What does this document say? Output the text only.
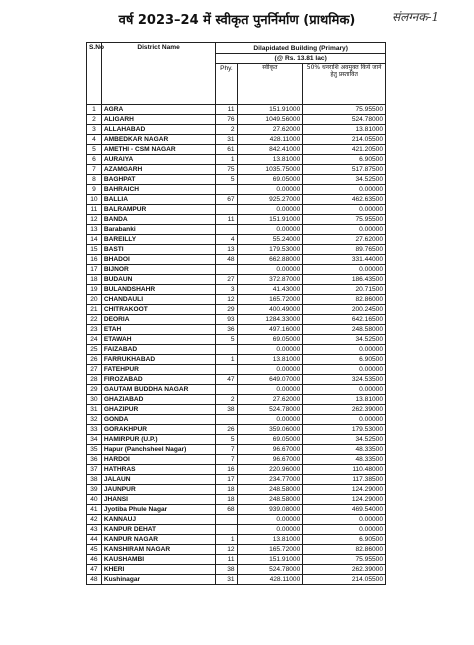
वर्ष 2023–24 में स्वीकृत पुनर्निर्माण (प्राथमिक)	संलग्नक-1
S.No	District Name	Dilapidated Building (Primary)		
		(@ Rs. 13.81 lac)		
		Phy.	स्वीकृत	50% धनराशि अवमुक्त किये जाने हेतु प्रस्तावित
1	AGRA	11	151.91000	75.95500
2	ALIGARH	76	1049.56000	524.78000
3	ALLAHABAD	2	27.62000	13.81000
4	AMBEDKAR NAGAR	31	428.11000	214.05500
5	AMETHI - CSM NAGAR	61	842.41000	421.20500
6	AURAIYA	1	13.81000	6.90500
7	AZAMGARH	75	1035.75000	517.87500
8	BAGHPAT	5	69.05000	34.52500
9	BAHRAICH		0.00000	0.00000
10	BALLIA	67	925.27000	462.63500
11	BALRAMPUR		0.00000	0.00000
12	BANDA	11	151.91000	75.95500
13	Barabanki		0.00000	0.00000
14	BAREILLY	4	55.24000	27.62000
15	BASTI	13	179.53000	89.76500
16	BHADOI	48	662.88000	331.44000
17	BIJNOR		0.00000	0.00000
18	BUDAUN	27	372.87000	186.43500
19	BULANDSHAHR	3	41.43000	20.71500
20	CHANDAULI	12	165.72000	82.86000
21	CHITRAKOOT	29	400.49000	200.24500
22	DEORIA	93	1284.33000	642.16500
23	ETAH	36	497.16000	248.58000
24	ETAWAH	5	69.05000	34.52500
25	FAIZABAD		0.00000	0.00000
26	FARRUKHABAD	1	13.81000	6.90500
27	FATEHPUR		0.00000	0.00000
28	FIROZABAD	47	649.07000	324.53500
29	GAUTAM BUDDHA NAGAR		0.00000	0.00000
30	GHAZIABAD	2	27.62000	13.81000
31	GHAZIPUR	38	524.78000	262.39000
32	GONDA		0.00000	0.00000
33	GORAKHPUR	26	359.06000	179.53000
34	HAMIRPUR (U.P.)	5	69.05000	34.52500
35	Hapur (Panchsheel Nagar)	7	96.67000	48.33500
36	HARDOI	7	96.67000	48.33500
37	HATHRAS	16	220.96000	110.48000
38	JALAUN	17	234.77000	117.38500
39	JAUNPUR	18	248.58000	124.29000
40	JHANSI	18	248.58000	124.29000
41	Jyotiba Phule Nagar	68	939.08000	469.54000
42	KANNAUJ		0.00000	0.00000
43	KANPUR DEHAT		0.00000	0.00000
44	KANPUR NAGAR	1	13.81000	6.90500
45	KANSHIRAM NAGAR	12	165.72000	82.86000
46	KAUSHAMBI	11	151.91000	75.95500
47	KHERI	38	524.78000	262.39000
48	Kushinagar	31	428.11000	214.05500
